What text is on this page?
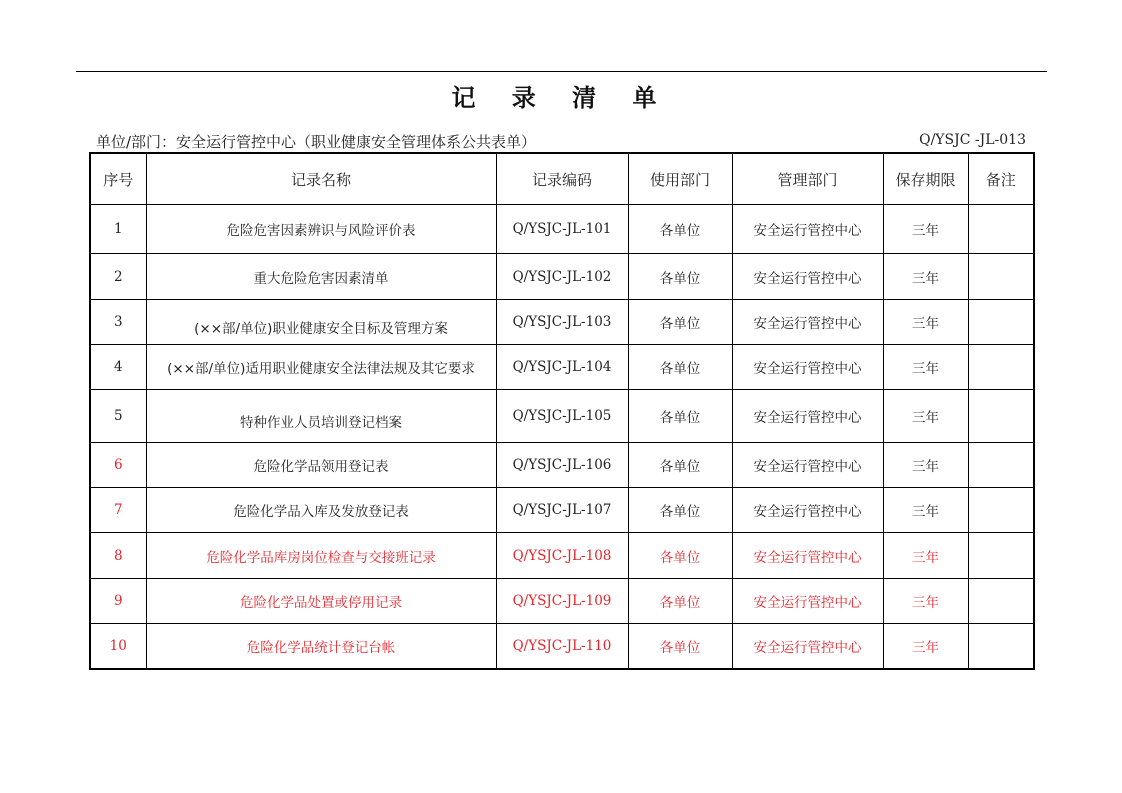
记 录 清 单
单位/部门：安全运行管控中心（职业健康安全管理体系公共表单）	Q/YSJC -JL-013
序号	记录名称	记录编码	使用部门	管理部门	保存期限	备注
1	危险危害因素辨识与风险评价表	Q/YSJC-JL-101	各单位	安全运行管控中心	三年	
2	重大危险危害因素清单	Q/YSJC-JL-102	各单位	安全运行管控中心	三年	
3	(××部/单位)职业健康安全目标及管理方案	Q/YSJC-JL-103	各单位	安全运行管控中心	三年	
4	(××部/单位)适用职业健康安全法律法规及其它要求	Q/YSJC-JL-104	各单位	安全运行管控中心	三年	
5	特种作业人员培训登记档案	Q/YSJC-JL-105	各单位	安全运行管控中心	三年	
6	危险化学品领用登记表	Q/YSJC-JL-106	各单位	安全运行管控中心	三年	
7	危险化学品入库及发放登记表	Q/YSJC-JL-107	各单位	安全运行管控中心	三年	
8	危险化学品库房岗位检查与交接班记录	Q/YSJC-JL-108	各单位	安全运行管控中心	三年	
9	危险化学品处置或停用记录	Q/YSJC-JL-109	各单位	安全运行管控中心	三年	
10	危险化学品统计登记台帐	Q/YSJC-JL-110	各单位	安全运行管控中心	三年	
